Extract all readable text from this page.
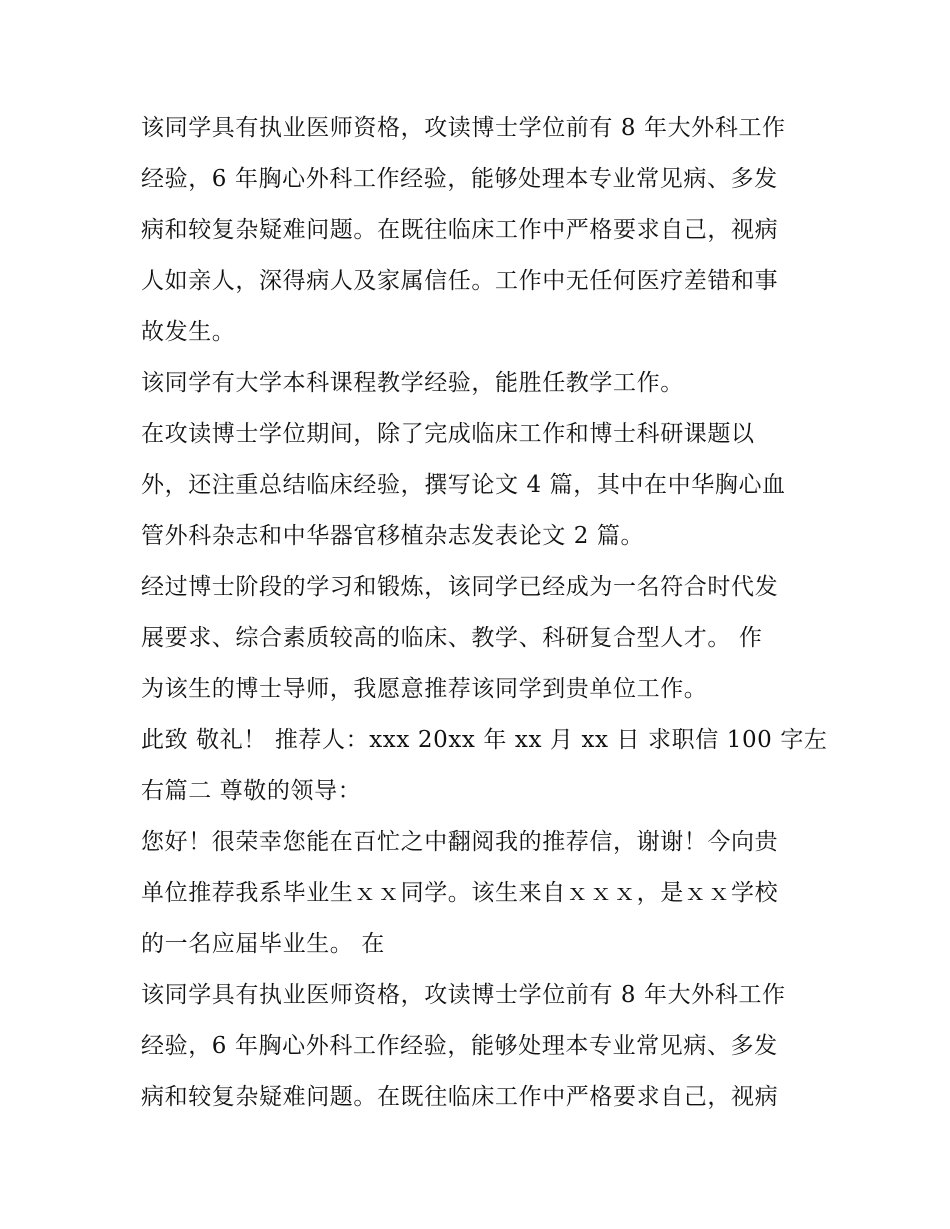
该同学具有执业医师资格，攻读博士学位前有 8 年大外科工作

经验，6 年胸心外科工作经验，能够处理本专业常见病、多发

病和较复杂疑难问题。在既往临床工作中严格要求自己，视病

人如亲人，深得病人及家属信任。工作中无任何医疗差错和事

故发生。

该同学有大学本科课程教学经验，能胜任教学工作。

在攻读博士学位期间，除了完成临床工作和博士科研课题以

外，还注重总结临床经验，撰写论文 4 篇，其中在中华胸心血

管外科杂志和中华器官移植杂志发表论文 2 篇。

经过博士阶段的学习和锻炼，该同学已经成为一名符合时代发

展要求、综合素质较高的临床、教学、科研复合型人才。 作

为该生的博士导师，我愿意推荐该同学到贵单位工作。

此致 敬礼！ 推荐人：xxx 20xx 年 xx 月 xx 日 求职信 100 字左

右篇二 尊敬的领导：

您好！很荣幸您能在百忙之中翻阅我的推荐信，谢谢！今向贵

单位推荐我系毕业生ｘｘ同学。该生来自ｘｘｘ，是ｘｘ学校

的一名应届毕业生。 在

该同学具有执业医师资格，攻读博士学位前有 8 年大外科工作

经验，6 年胸心外科工作经验，能够处理本专业常见病、多发

病和较复杂疑难问题。在既往临床工作中严格要求自己，视病
